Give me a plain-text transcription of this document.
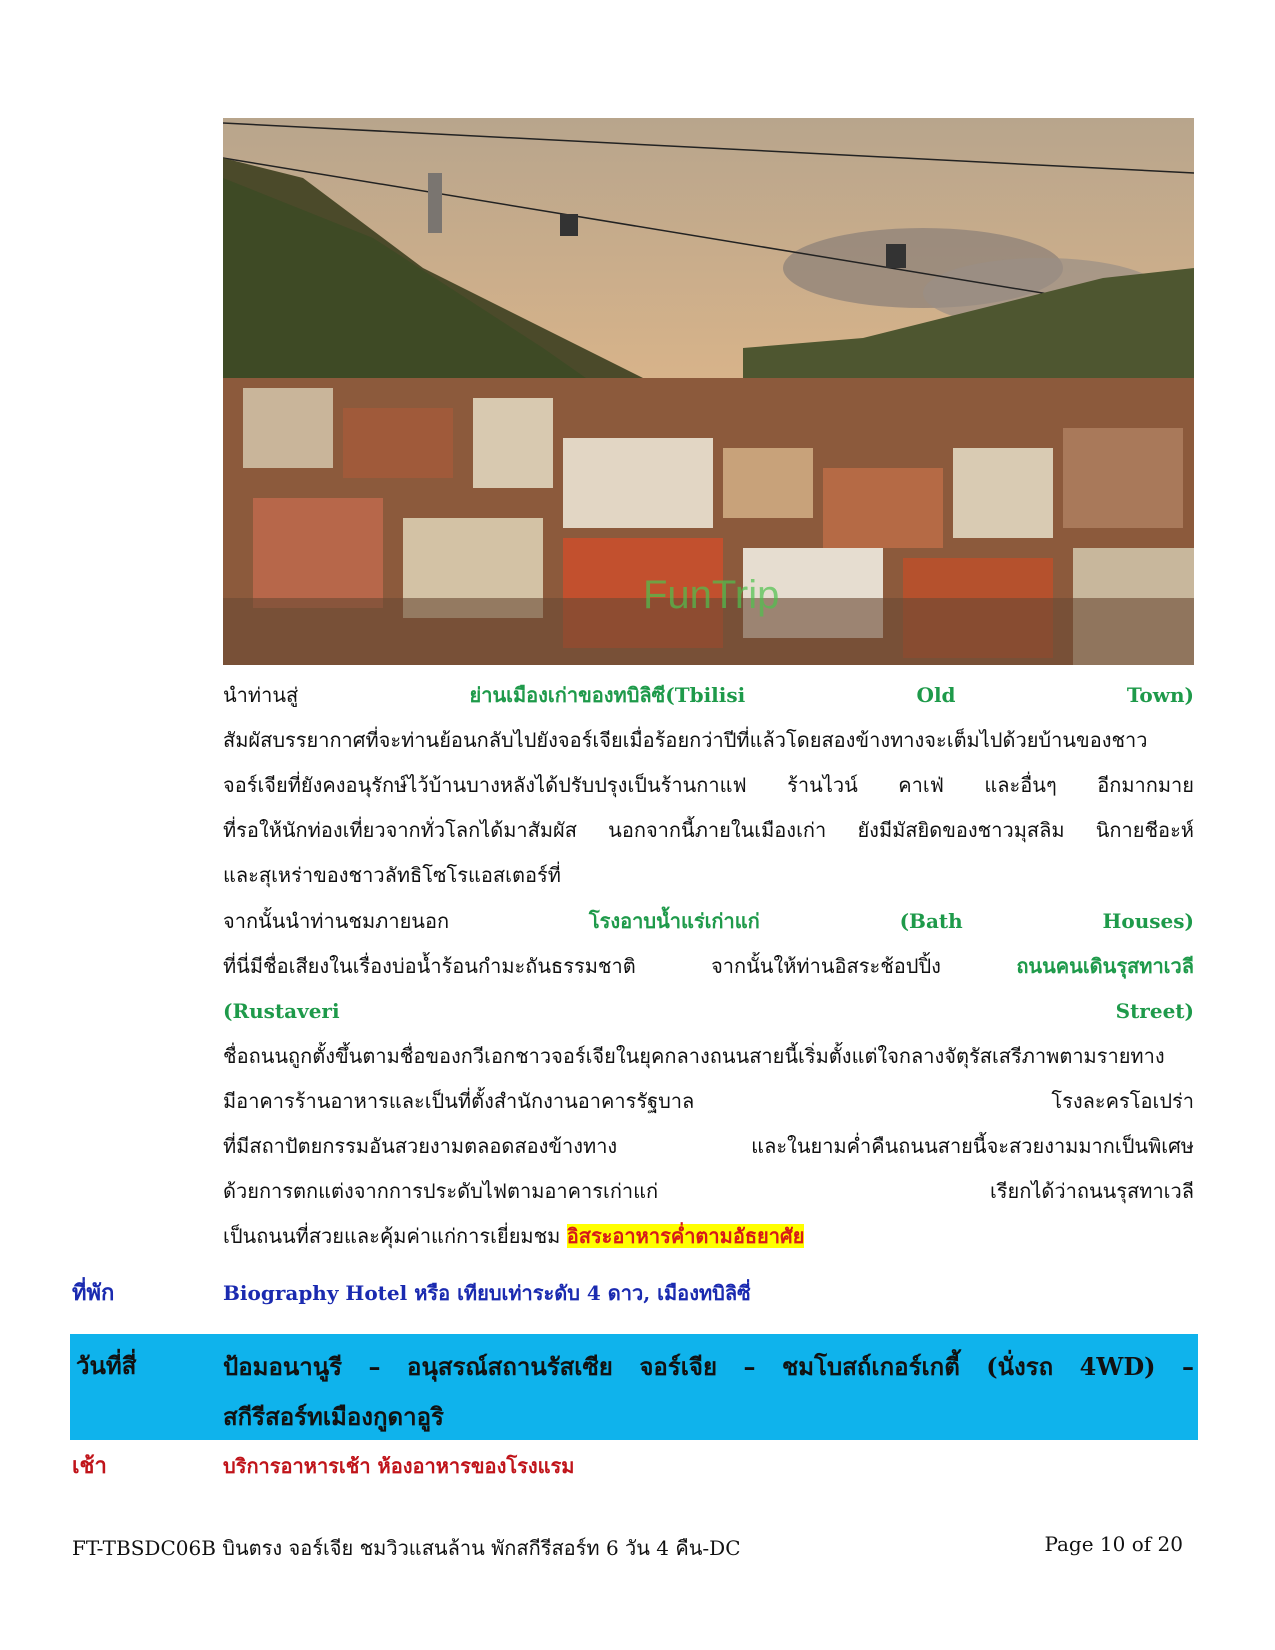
FunTrip
นำท่านสู่	ย่านเมืองเก่าของทบิลิซี(Tbilisi	Old	Town)
สัมผัสบรรยากาศที่จะท่านย้อนกลับไปยังจอร์เจียเมื่อร้อยกว่าปีที่แล้วโดยสองข้างทางจะเต็มไปด้วยบ้านของชาว
จอร์เจียที่ยังคงอนุรักษ์ไว้บ้านบางหลังได้ปรับปรุงเป็นร้านกาแฟ ร้านไวน์ คาเฟ่ และอื่นๆ อีกมากมาย
ที่รอให้นักท่องเที่ยวจากทั่วโลกได้มาสัมผัส นอกจากนี้ภายในเมืองเก่า ยังมีมัสยิดของชาวมุสลิม นิกายชีอะห์
และสุเหร่าของชาวลัทธิโซโรแอสเตอร์ที่
จากนั้นนำท่านชมภายนอก	โรงอาบน้ำแร่เก่าแก่	(Bath	Houses)
ที่นี่มีชื่อเสียงในเรื่องบ่อน้ำร้อนกำมะถันธรรมชาติ	จากนั้นให้ท่านอิสระช้อปปิ้ง	ถนนคนเดินรุสทาเวลี
(Rustaveri	Street)
ชื่อถนนถูกตั้งขึ้นตามชื่อของกวีเอกชาวจอร์เจียในยุคกลางถนนสายนี้เริ่มตั้งแต่ใจกลางจัตุรัสเสรีภาพตามรายทาง
มีอาคารร้านอาหารและเป็นที่ตั้งสำนักงานอาคารรัฐบาล	โรงละครโอเปร่า
ที่มีสถาปัตยกรรมอันสวยงามตลอดสองข้างทาง	และในยามค่ำคืนถนนสายนี้จะสวยงามมากเป็นพิเศษ
ด้วยการตกแต่งจากการประดับไฟตามอาคารเก่าแก่	เรียกได้ว่าถนนรุสทาเวลี
เป็นถนนที่สวยและคุ้มค่าแก่การเยี่ยมชม อิสระอาหารค่ำตามอัธยาศัย
ที่พัก	Biography Hotel หรือ เทียบเท่าระดับ 4 ดาว, เมืองทบิลิซี่
วันที่สี่	ป้อมอนานูรี – อนุสรณ์สถานรัสเซีย จอร์เจีย – ชมโบสถ์เกอร์เกตี้ (นั่งรถ 4WD) –
สกีรีสอร์ทเมืองกูดาอูริ
เช้า	บริการอาหารเช้า ห้องอาหารของโรงแรม
FT-TBSDC06B บินตรง จอร์เจีย ชมวิวแสนล้าน พักสกีรีสอร์ท 6 วัน 4 คืน-DC	Page 10 of 20
